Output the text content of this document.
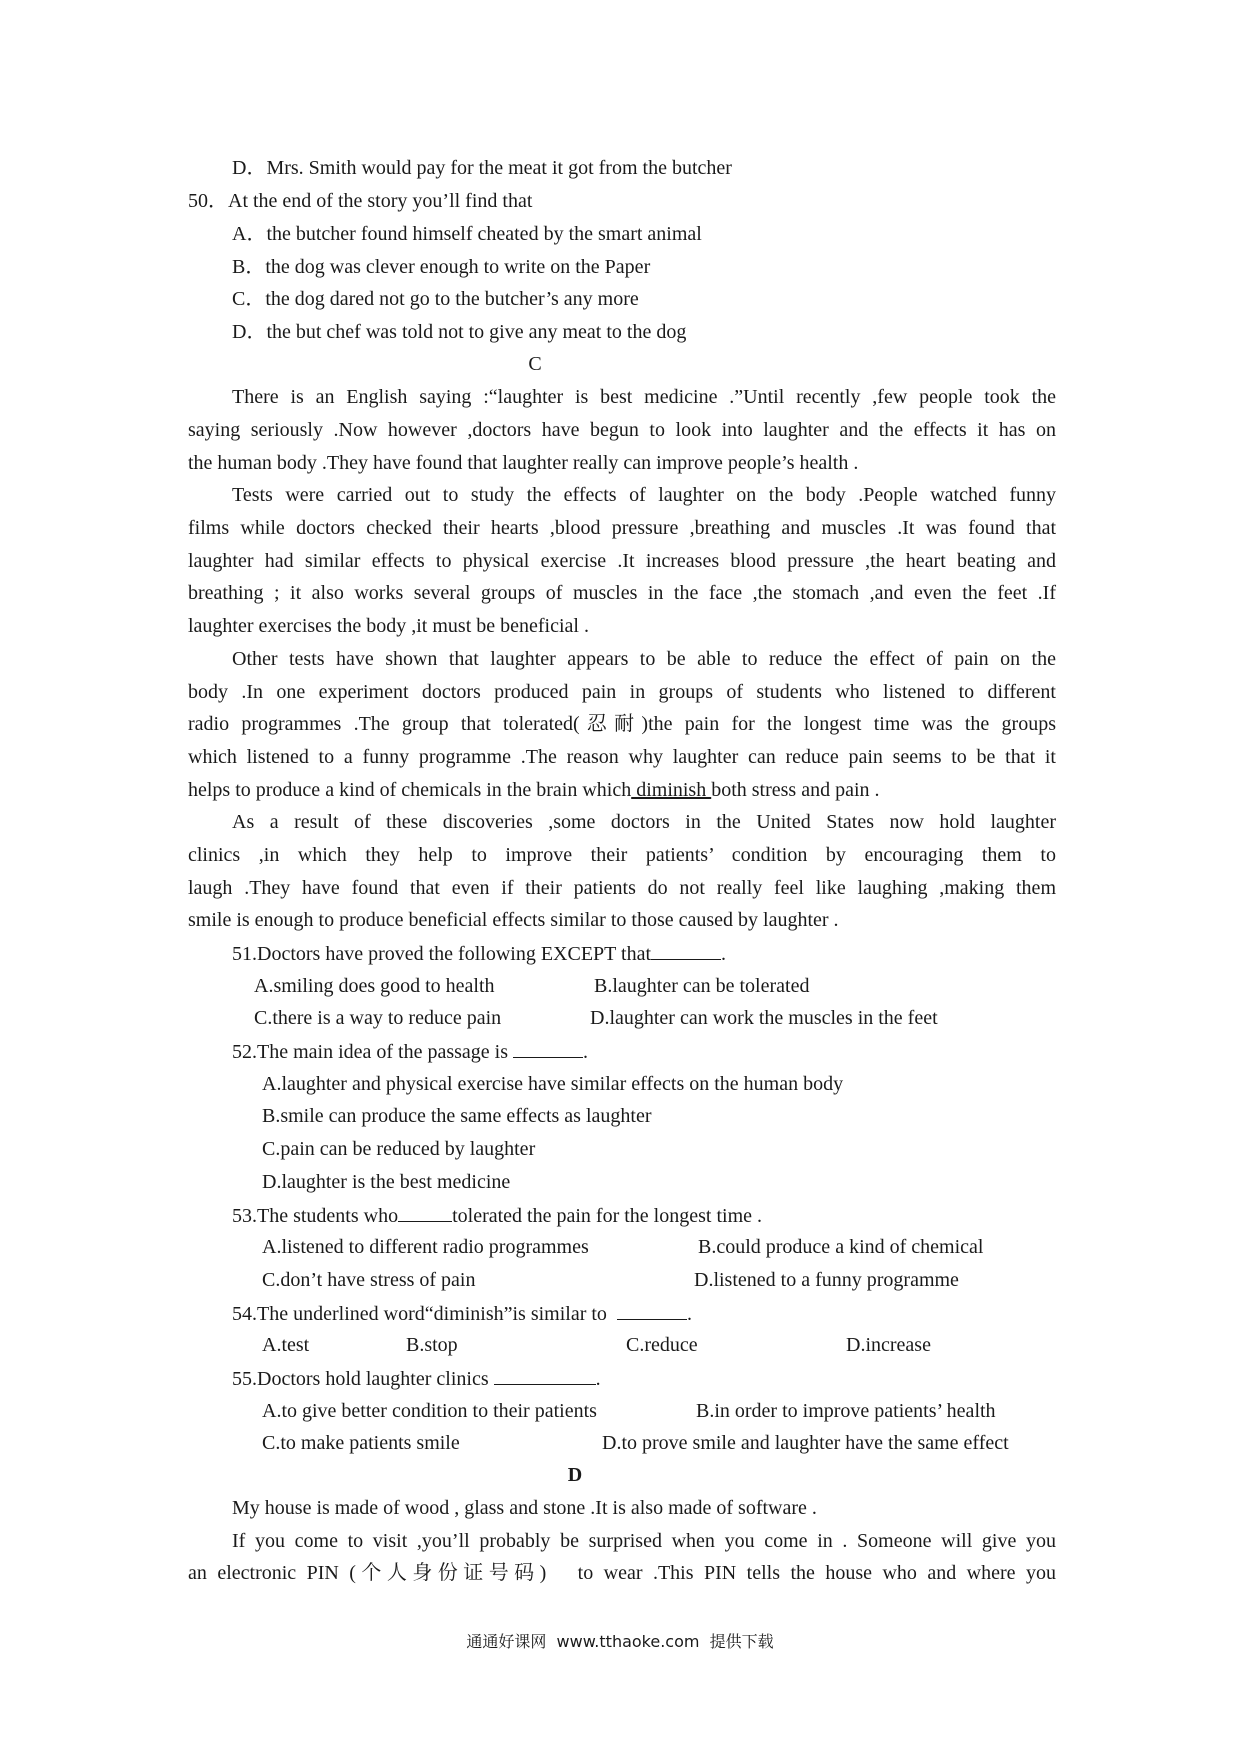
D．Mrs. Smith would pay for the meat it got from the butcher
50．At the end of the story you’ll find that
A．the butcher found himself cheated by the smart animal
B．the dog was clever enough to write on the Paper
C．the dog dared not go to the butcher’s any more
D．the but chef was told not to give any meat to the dog
C
There is an English saying :“laughter is best medicine .”Until recently ,few people took the
saying seriously .Now however ,doctors have begun to look into laughter and the effects it has on
the human body .They have found that laughter really can improve people’s health .
Tests were carried out to study the effects of laughter on the body .People watched funny
films while doctors checked their hearts ,blood pressure ,breathing and muscles .It was found that
laughter had similar effects to physical exercise .It increases blood pressure ,the heart beating and
breathing ; it also works several groups of muscles in the face ,the stomach ,and even the feet .If
laughter exercises the body ,it must be beneficial .
Other tests have shown that laughter appears to be able to reduce the effect of pain on the
body .In one experiment doctors produced pain in groups of students who listened to different
radio programmes .The group that tolerated(忍耐)the pain for the longest time was the groups
which listened to a funny programme .The reason why laughter can reduce pain seems to be that it
helps to produce a kind of chemicals in the brain which diminish both stress and pain .
As a result of these discoveries ,some doctors in the United States now hold laughter
clinics ,in which they help to improve their patients’ condition by encouraging them to
laugh .They have found that even if their patients do not really feel like laughing ,making them
smile is enough to produce beneficial effects similar to those caused by laughter .
51.Doctors have proved the following EXCEPT that	.
A.smiling does good to health	B.laughter can be tolerated
C.there is a way to reduce pain	D.laughter can work the muscles in the feet
52.The main idea of the passage is	.
A.laughter and physical exercise have similar effects on the human body
B.smile can produce the same effects as laughter
C.pain can be reduced by laughter
D.laughter is the best medicine
53.The students who	tolerated the pain for the longest time .
A.listened to different radio programmes	B.could produce a kind of chemical
C.don’t have stress of pain	D.listened to a funny programme
54.The underlined word“diminish”is similar to	.
A.test	B.stop	C.reduce	D.increase
55.Doctors hold laughter clinics	.
A.to give better condition to their patients	B.in order to improve patients’ health
C.to make patients smile	D.to prove smile and laughter have the same effect
D
My house is made of wood , glass and stone .It is also made of software .
If you come to visit ,you’ll probably be surprised when you come in . Someone will give you
an electronic PIN (个人身份证号码)   to wear .This PIN tells the house who and where you
通通好课网  www.tthaoke.com  提供下载
